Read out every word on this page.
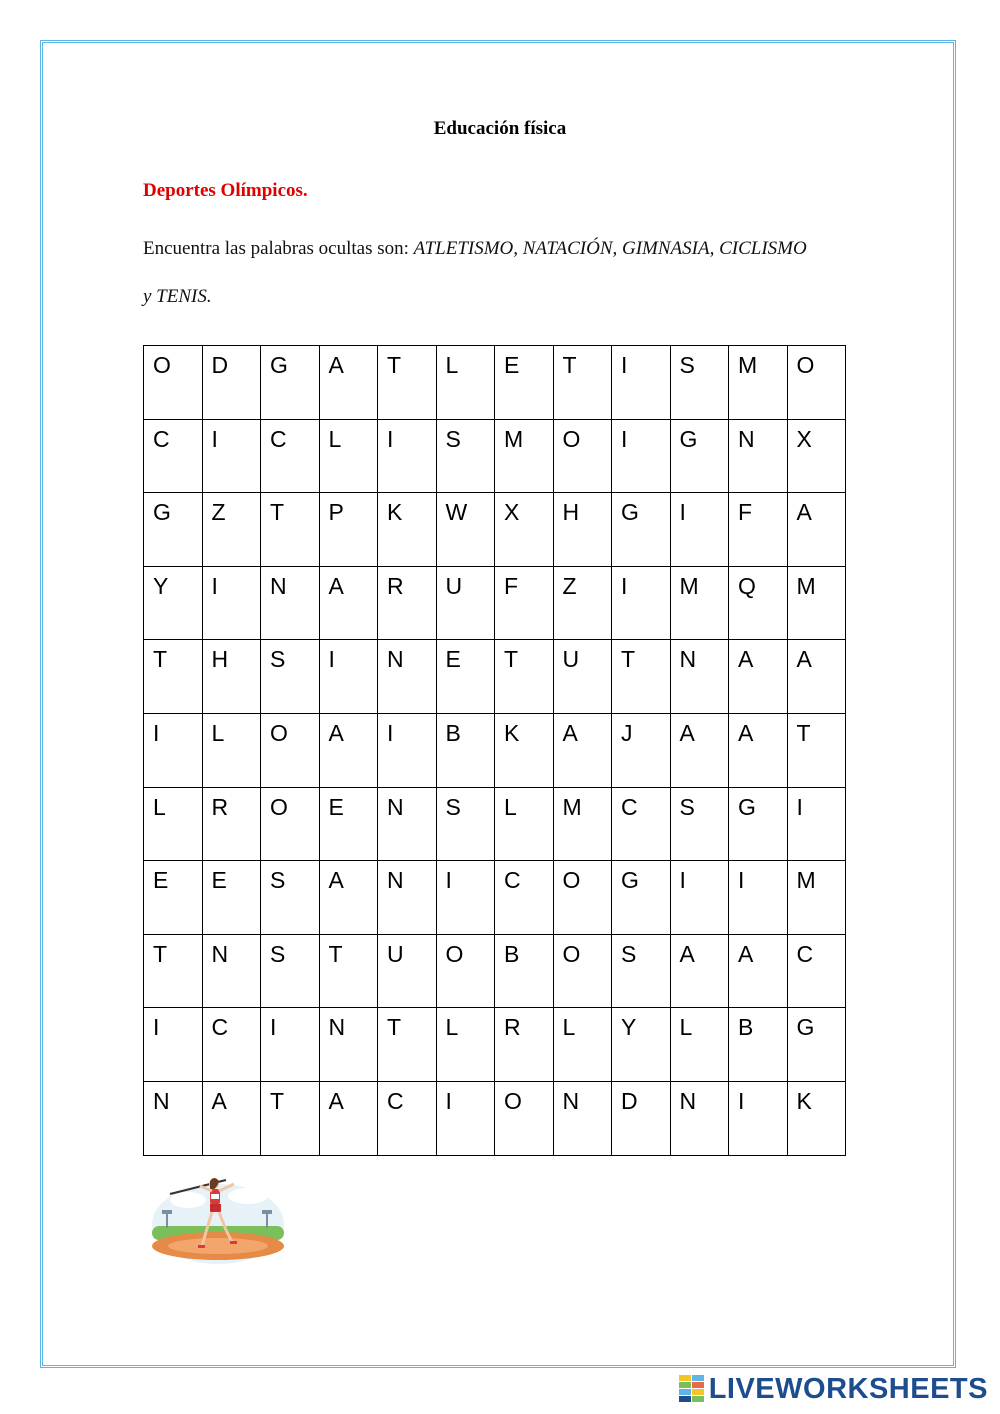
Educación física
Deportes Olímpicos.
Encuentra las palabras ocultas son: ATLETISMO, NATACIÓN, GIMNASIA, CICLISMO
y TENIS.
O	D	G	A	T	L	E	T	I	S	M	O
C	I	C	L	I	S	M	O	I	G	N	X
G	Z	T	P	K	W	X	H	G	I	F	A
Y	I	N	A	R	U	F	Z	I	M	Q	M
T	H	S	I	N	E	T	U	T	N	A	A
I	L	O	A	I	B	K	A	J	A	A	T
L	R	O	E	N	S	L	M	C	S	G	I
E	E	S	A	N	I	C	O	G	I	I	M
T	N	S	T	U	O	B	O	S	A	A	C
I	C	I	N	T	L	R	L	Y	L	B	G
N	A	T	A	C	I	O	N	D	N	I	K
LIVEWORKSHEETS
